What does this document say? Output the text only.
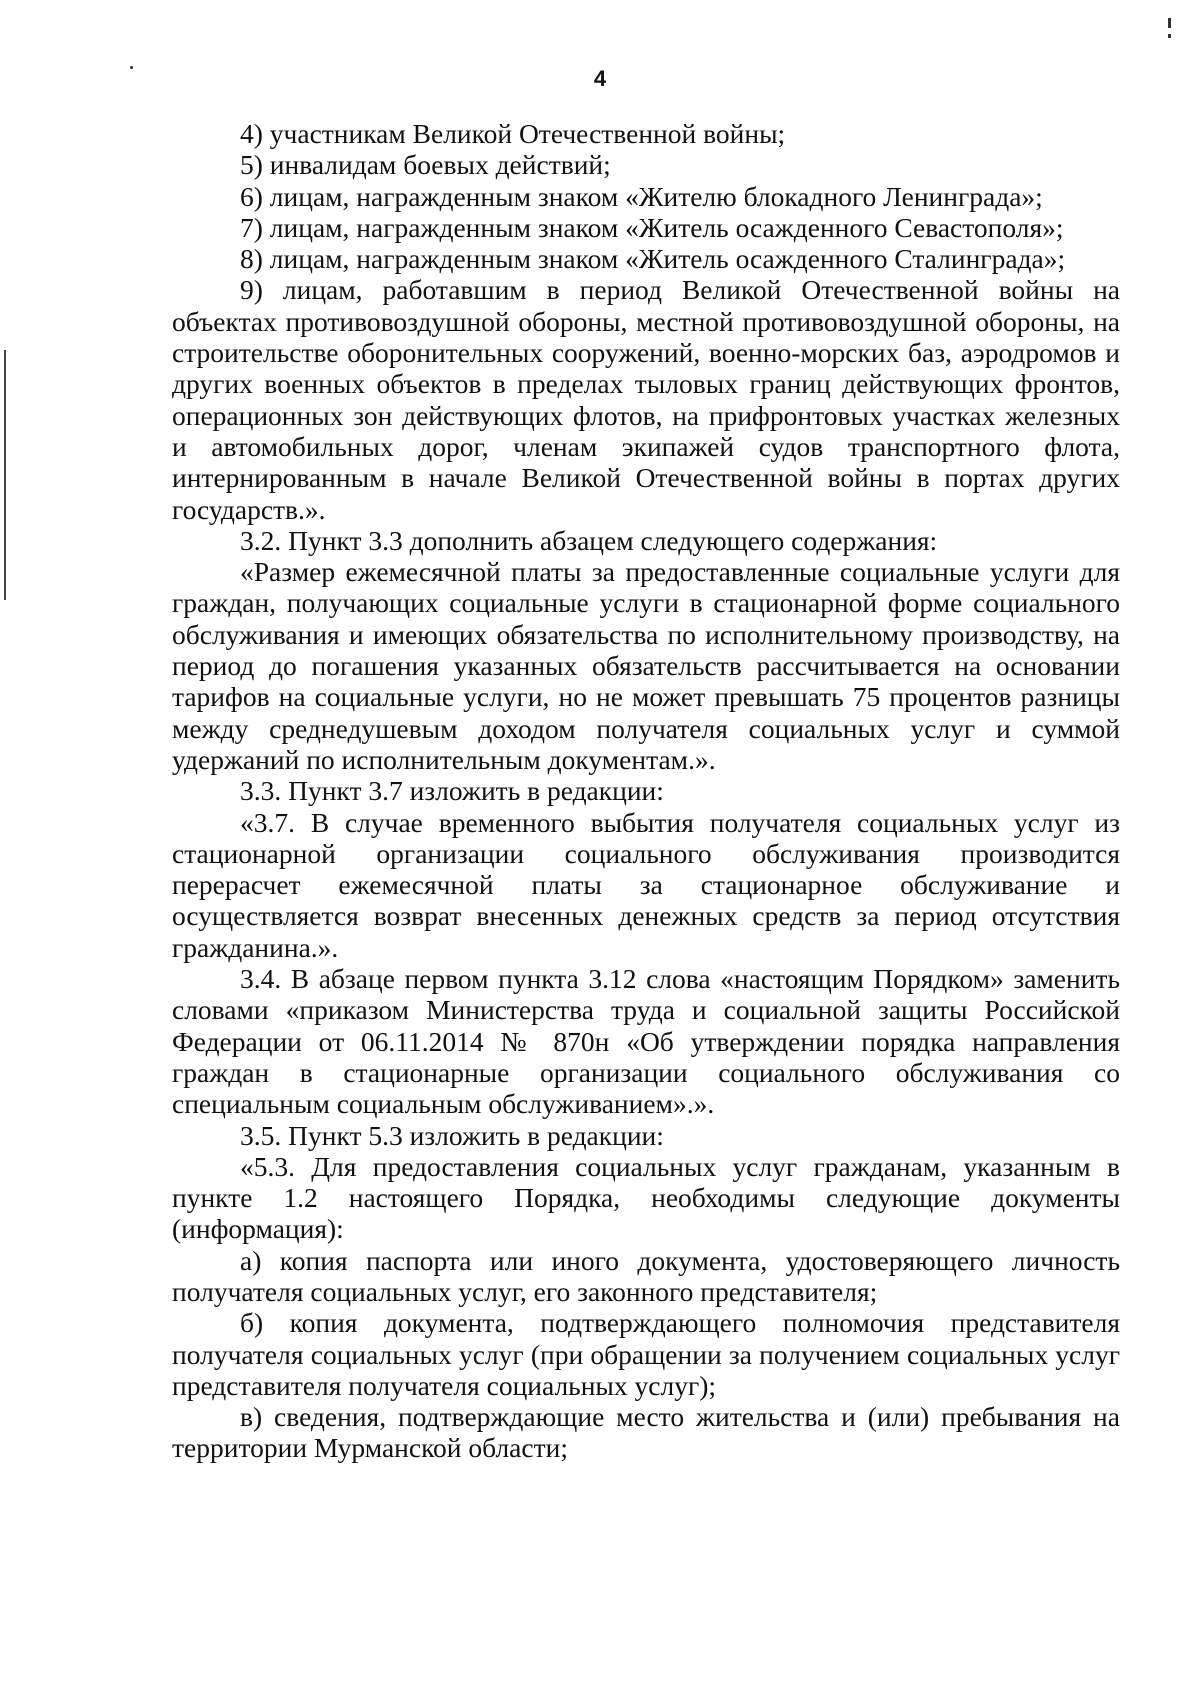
4

4) участникам Великой Отечественной войны;

5) инвалидам боевых действий;

6) лицам, награжденным знаком «Жителю блокадного Ленинграда»;

7) лицам, награжденным знаком «Житель осажденного Севастополя»;

8) лицам, награжденным знаком «Житель осажденного Сталинграда»;

9) лицам, работавшим в период Великой Отечественной войны на объектах противовоздушной обороны, местной противовоздушной обороны, на строительстве оборонительных сооружений, военно-морских баз, аэродромов и других военных объектов в пределах тыловых границ действующих фронтов, операционных зон действующих флотов, на прифронтовых участках железных и автомобильных дорог, членам экипажей судов транспортного флота, интернированным в начале Великой Отечественной войны в портах других государств.».

3.2. Пункт 3.3 дополнить абзацем следующего содержания:

«Размер ежемесячной платы за предоставленные социальные услуги для граждан, получающих социальные услуги в стационарной форме социального обслуживания и имеющих обязательства по исполнительному производству, на период до погашения указанных обязательств рассчитывается на основании тарифов на социальные услуги, но не может превышать 75 процентов разницы между среднедушевым доходом получателя социальных услуг и суммой удержаний по исполнительным документам.».

3.3. Пункт 3.7 изложить в редакции:

«3.7. В случае временного выбытия получателя социальных услуг из стационарной организации социального обслуживания производится перерасчет ежемесячной платы за стационарное обслуживание и осуществляется возврат внесенных денежных средств за период отсутствия гражданина.».

3.4. В абзаце первом пункта 3.12 слова «настоящим Порядком» заменить словами «приказом Министерства труда и социальной защиты Российской Федерации от 06.11.2014 № 870н «Об утверждении порядка направления граждан в стационарные организации социального обслуживания со специальным социальным обслуживанием».».

3.5. Пункт 5.3 изложить в редакции:

«5.3. Для предоставления социальных услуг гражданам, указанным в пункте 1.2 настоящего Порядка, необходимы следующие документы (информация):

а) копия паспорта или иного документа, удостоверяющего личность получателя социальных услуг, его законного представителя;

б) копия документа, подтверждающего полномочия представителя получателя социальных услуг (при обращении за получением социальных услуг представителя получателя социальных услуг);

в) сведения, подтверждающие место жительства и (или) пребывания на территории Мурманской области;
